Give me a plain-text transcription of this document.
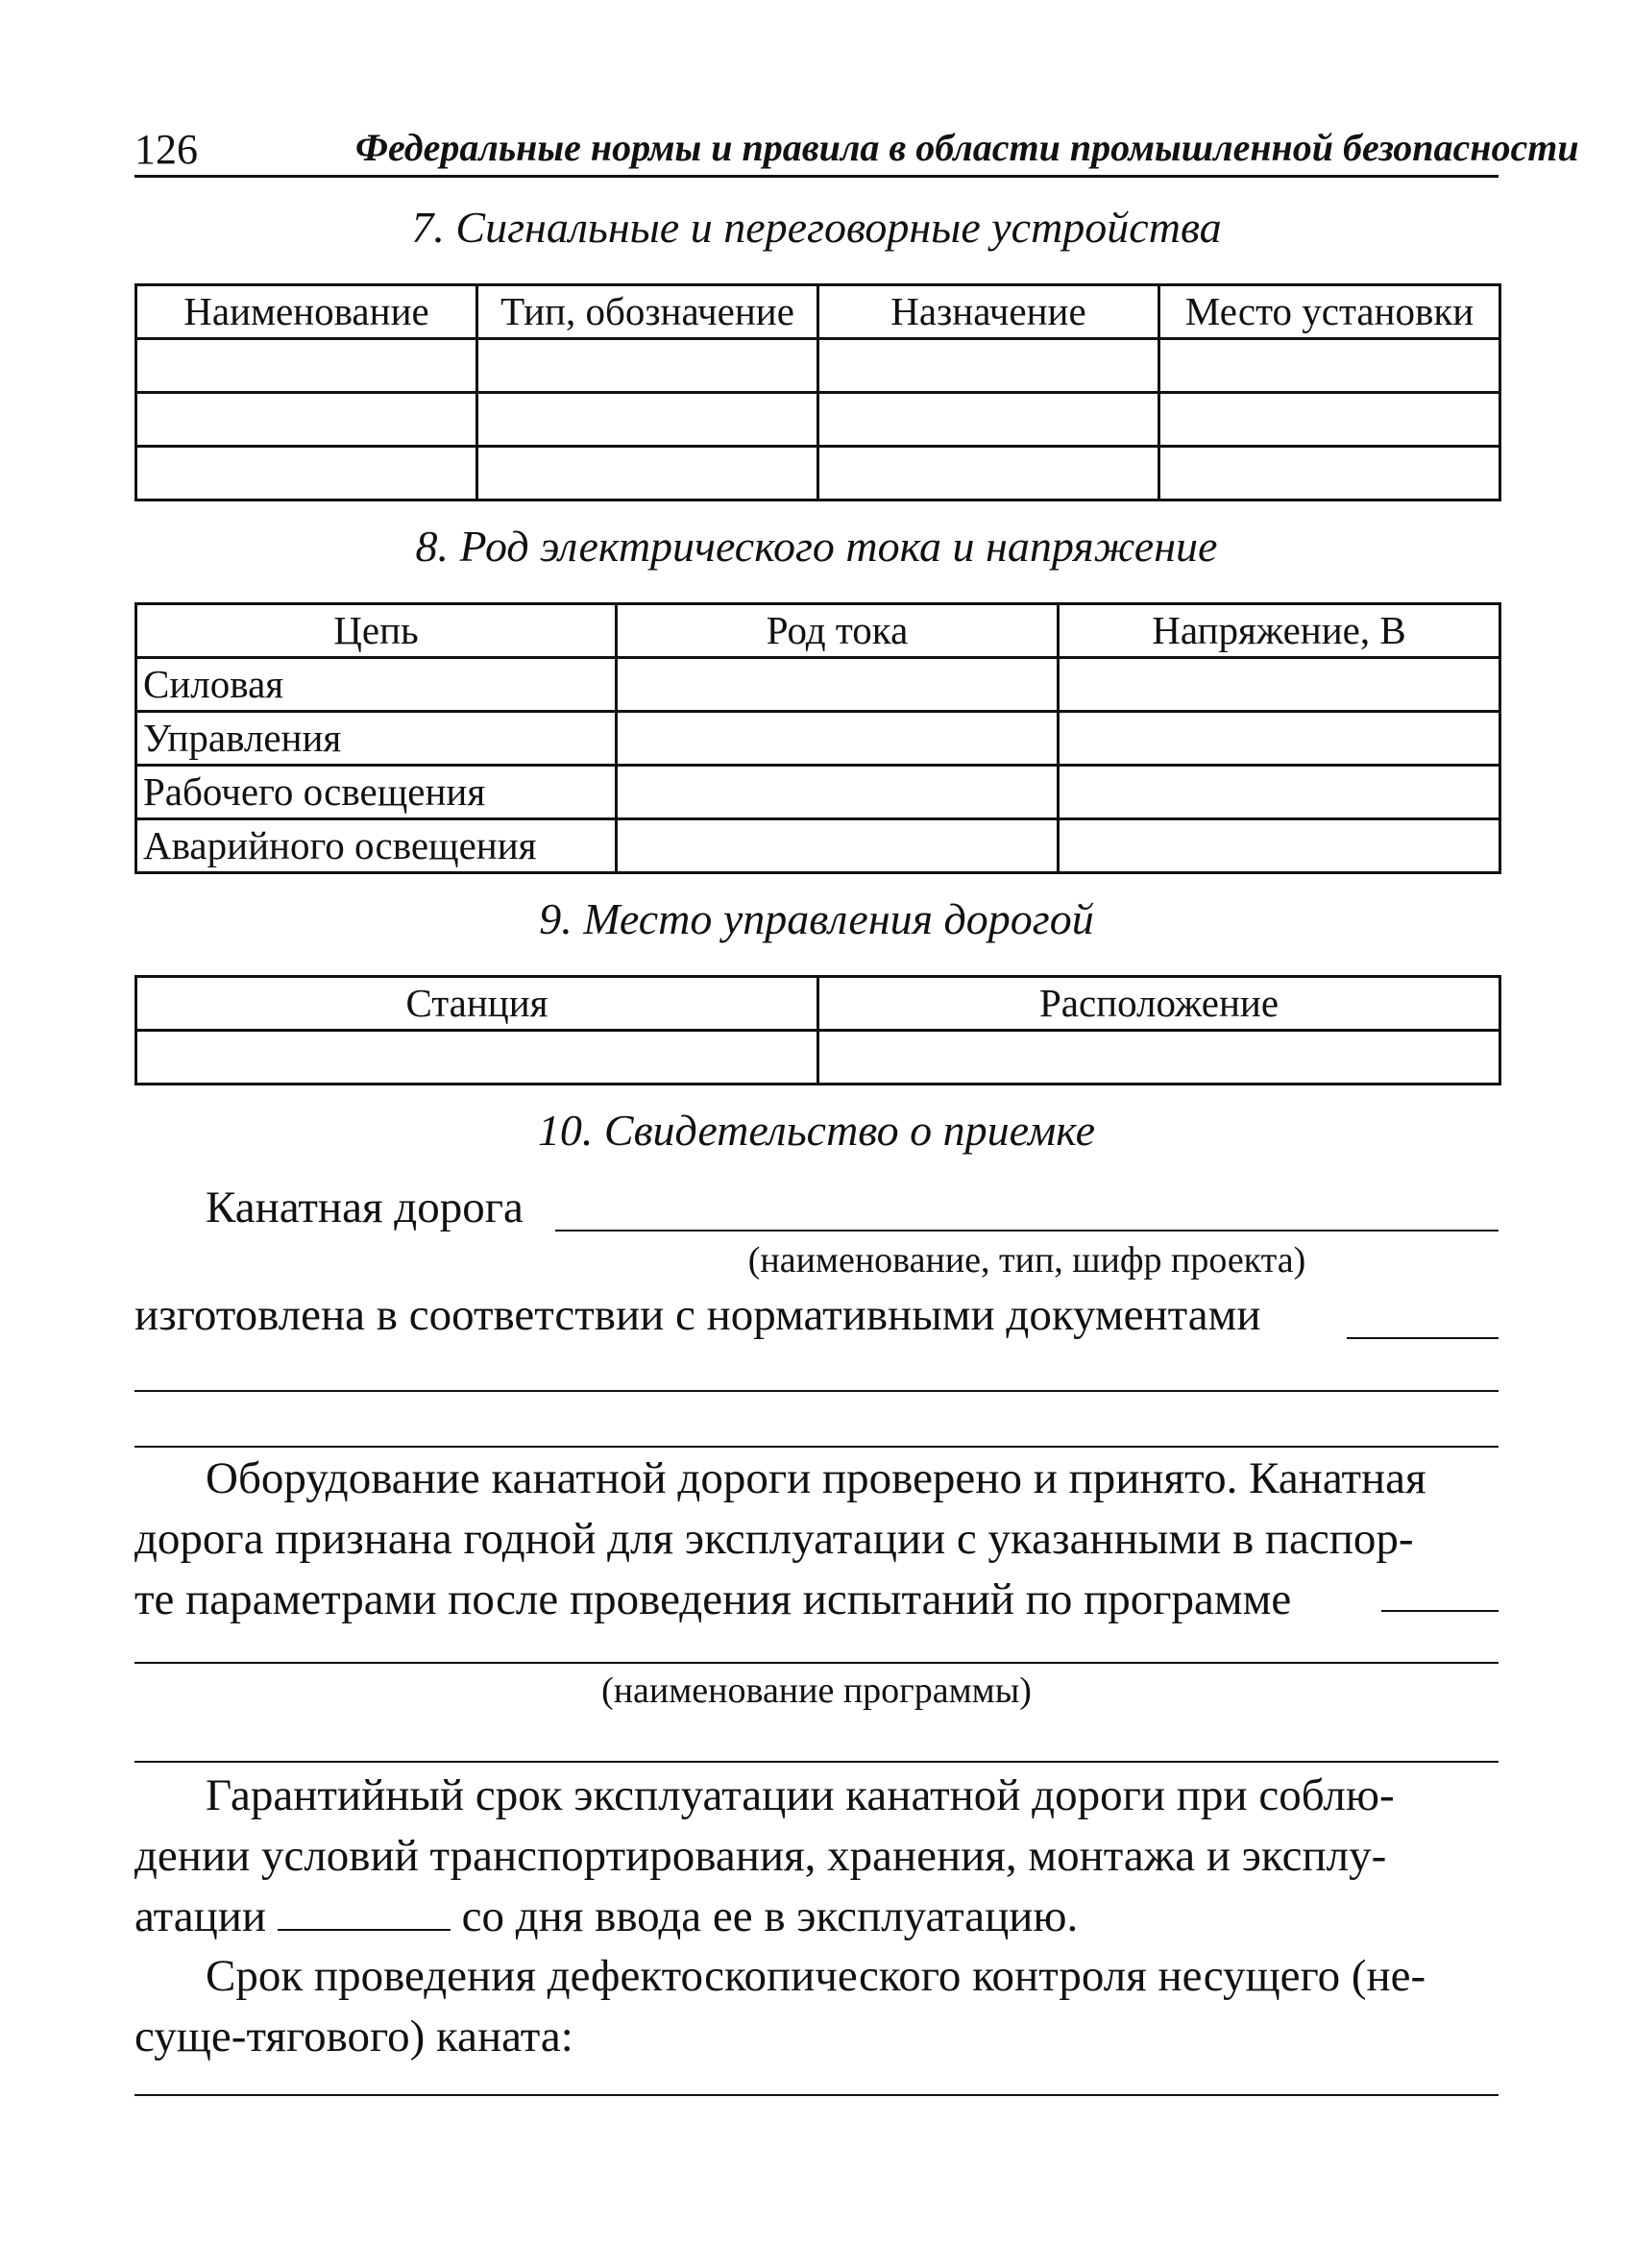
126	Федеральные нормы и правила в области промышленной безопасности
7. Сигнальные и переговорные устройства
Наименование	Тип, обозначение	Назначение	Место установки

8. Род электрического тока и напряжение
Цепь	Род тока	Напряжение, В
Силовая		
Управления		
Рабочего освещения		
Аварийного освещения		
9. Место управления дорогой
Станция	Расположение

10. Свидетельство о приемке
Канатная дорога
(наименование, тип, шифр проекта)
изготовлена в соответствии с нормативными документами
Оборудование канатной дороги проверено и принято. Канатная
дорога признана годной для эксплуатации с указанными в паспор-
те параметрами после проведения испытаний по программе
(наименование программы)
Гарантийный срок эксплуатации канатной дороги при соблю-
дении условий транспортирования, хранения, монтажа и эксплу-
атации	со дня ввода ее в эксплуатацию.
Срок проведения дефектоскопического контроля несущего (не-
суще-тягового) каната:
